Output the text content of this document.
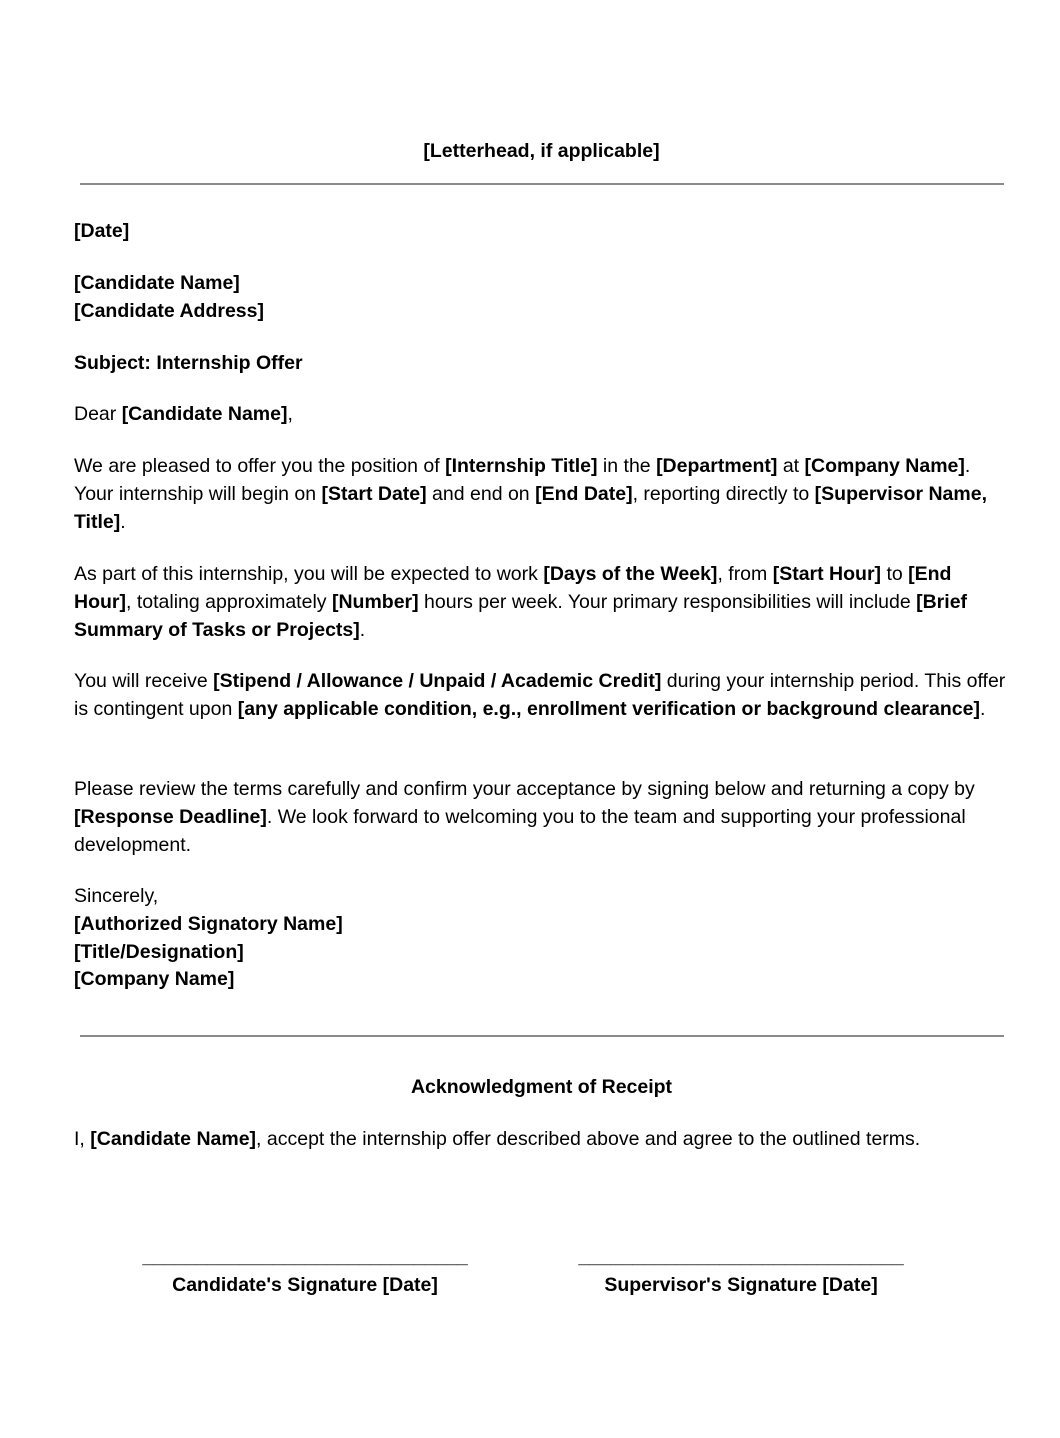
[Letterhead, if applicable]
[Date]
[Candidate Name]
[Candidate Address]
Subject: Internship Offer
Dear [Candidate Name],
We are pleased to offer you the position of [Internship Title] in the [Department] at [Company Name]. Your internship will begin on [Start Date] and end on [End Date], reporting directly to [Supervisor Name, Title].
As part of this internship, you will be expected to work [Days of the Week], from [Start Hour] to [End Hour], totaling approximately [Number] hours per week. Your primary responsibilities will include [Brief Summary of Tasks or Projects].
You will receive [Stipend / Allowance / Unpaid / Academic Credit] during your internship period. This offer is contingent upon [any applicable condition, e.g., enrollment verification or background clearance].
Please review the terms carefully and confirm your acceptance by signing below and returning a copy by [Response Deadline]. We look forward to welcoming you to the team and supporting your professional development.
Sincerely,
[Authorized Signatory Name]
[Title/Designation]
[Company Name]
Acknowledgment of Receipt
I, [Candidate Name], accept the internship offer described above and agree to the outlined terms.
______________________________
Candidate's Signature [Date]
______________________________
Supervisor's Signature [Date]
